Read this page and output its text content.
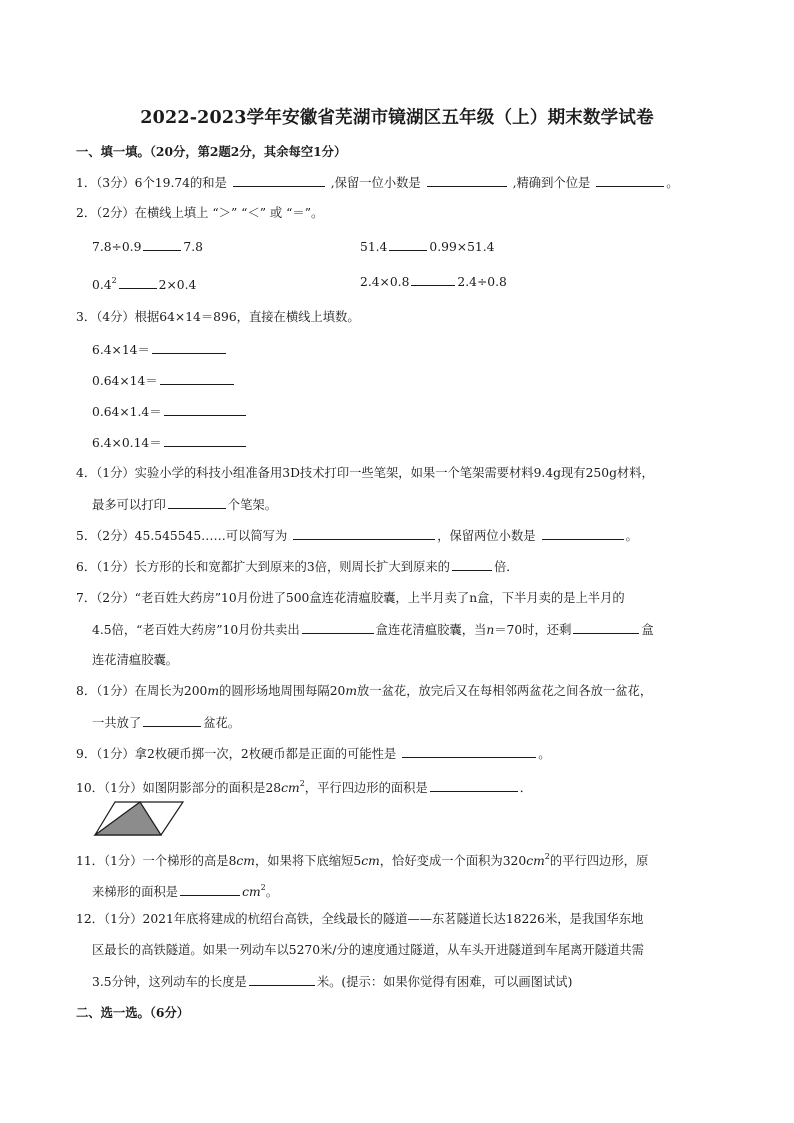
2022-2023学年安徽省芜湖市镜湖区五年级（上）期末数学试卷
一、填一填。（20分，第2题2分，其余每空1分）
1．（3分）6个19.74的和是	,保留一位小数是	,精确到个位是	。
2．（2分）在横线上填上 “＞” “＜” 或 “＝”。
7.8÷0.9	7.8	51.4	0.99×51.4
$0.4^2$	2×0.4	2.4×0.8	2.4÷0.8
3．（4分）根据64×14＝896，直接在横线上填数。
6.4×14＝
0.64×14＝
0.64×1.4＝
6.4×0.14＝
4．（1分）实验小学的科技小组准备用3D技术打印一些笔架，如果一个笔架需要材料9.4g现有250g材料，
最多可以打印	个笔架。
5．（2分）45.545545……可以简写为	，保留两位小数是	。
6．（1分）长方形的长和宽都扩大到原来的3倍，则周长扩大到原来的	倍．
7．（2分）“老百姓大药房”10月份进了500盒连花清瘟胶囊，上半月卖了n盒，下半月卖的是上半月的
4.5倍，“老百姓大药房”10月份共卖出	盒连花清瘟胶囊，当n＝70时，还剩	盒
连花清瘟胶囊。
8．（1分）在周长为200m的圆形场地周围每隔20m放一盆花，放完后又在每相邻两盆花之间各放一盆花，
一共放了	盆花。
9．（1分）拿2枚硬币掷一次，2枚硬币都是正面的可能性是	。
10．（1分）如图阴影部分的面积是$28cm^2$，平行四边形的面积是	．
11．（1分）一个梯形的高是8cm，如果将下底缩短5cm，恰好变成一个面积为$320cm^2$的平行四边形，原
来梯形的面积是	$cm^2$。
12．（1分）2021年底将建成的杭绍台高铁，全线最长的隧道——东茗隧道长达18226米，是我国华东地
区最长的高铁隧道。如果一列动车以5270米/分的速度通过隧道，从车头开进隧道到车尾离开隧道共需
3.5分钟，这列动车的长度是	米。(提示：如果你觉得有困难，可以画图试试)
二、选一选。（6分）
